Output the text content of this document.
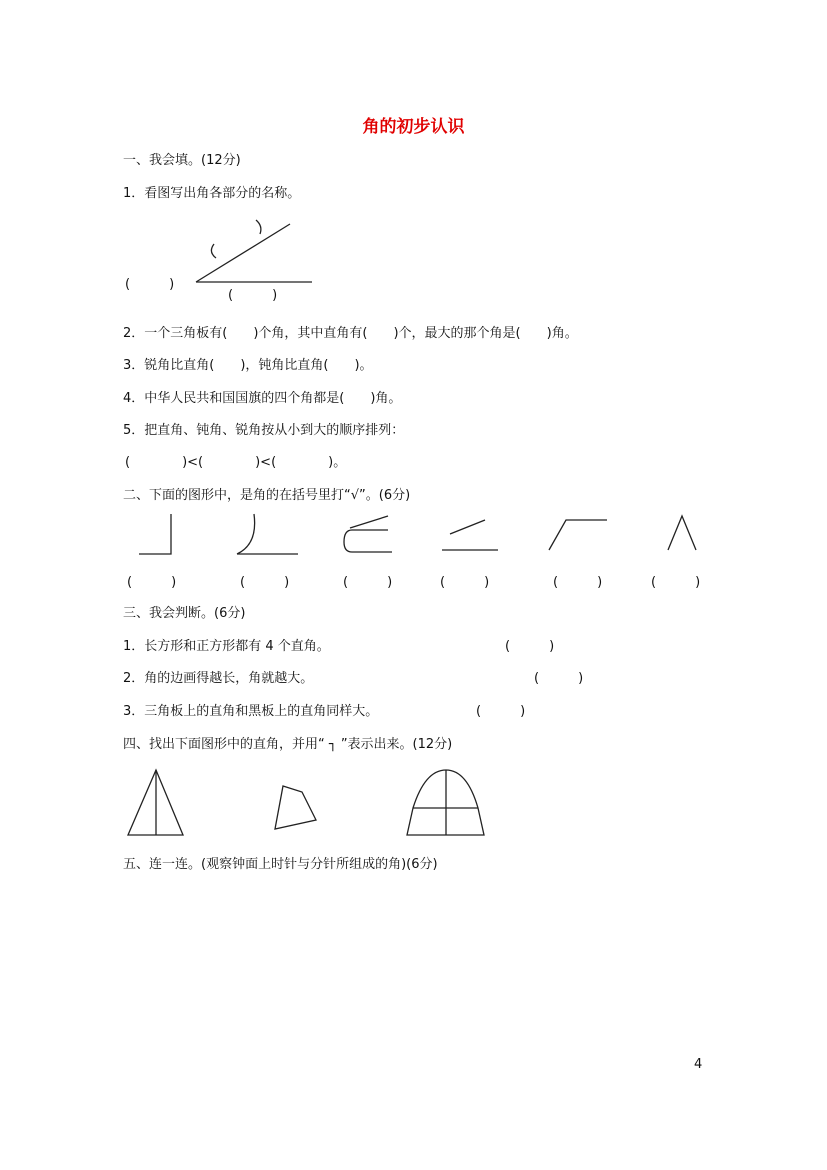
角的初步认识
一、我会填。(12分)
1．看图写出角各部分的名称。
(　　　)
(　　　)
2．一个三角板有(　　)个角，其中直角有(　　)个，最大的那个角是(　　)角。
3．锐角比直角(　　)，钝角比直角(　　)。
4．中华人民共和国国旗的四个角都是(　　)角。
5．把直角、钝角、锐角按从小到大的顺序排列：
(　　　　)<(　　　　)<(　　　　)。
二、下面的图形中，是角的在括号里打“√”。(6分)
(　　　)	(　　　)	(　　　)	(　　　)	(　　　)	(　　　)
三、我会判断。(6分)
1．长方形和正方形都有 4 个直角。	(　　　)
2．角的边画得越长，角就越大。	(　　　)
3．三角板上的直角和黑板上的直角同样大。	(　　　)
四、找出下面图形中的直角，并用“ ┐ ”表示出来。(12分)
五、连一连。(观察钟面上时针与分针所组成的角)(6分)
4
